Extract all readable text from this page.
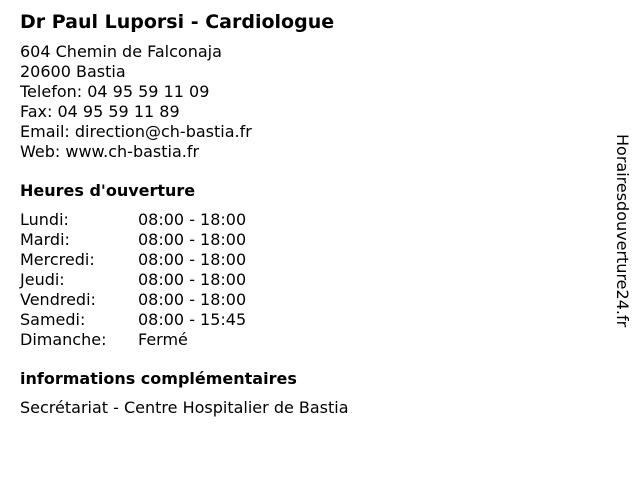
Dr Paul Luporsi - Cardiologue
604 Chemin de Falconaja
20600 Bastia
Telefon: 04 95 59 11 09
Fax: 04 95 59 11 89
Email: direction@ch-bastia.fr
Web: www.ch-bastia.fr
Heures d'ouverture
Lundi:	08:00 - 18:00
Mardi:	08:00 - 18:00
Mercredi:	08:00 - 18:00
Jeudi:	08:00 - 18:00
Vendredi:	08:00 - 18:00
Samedi:	08:00 - 15:45
Dimanche:	Fermé
informations complémentaires
Secrétariat - Centre Hospitalier de Bastia
Horairesdouverture24.fr
